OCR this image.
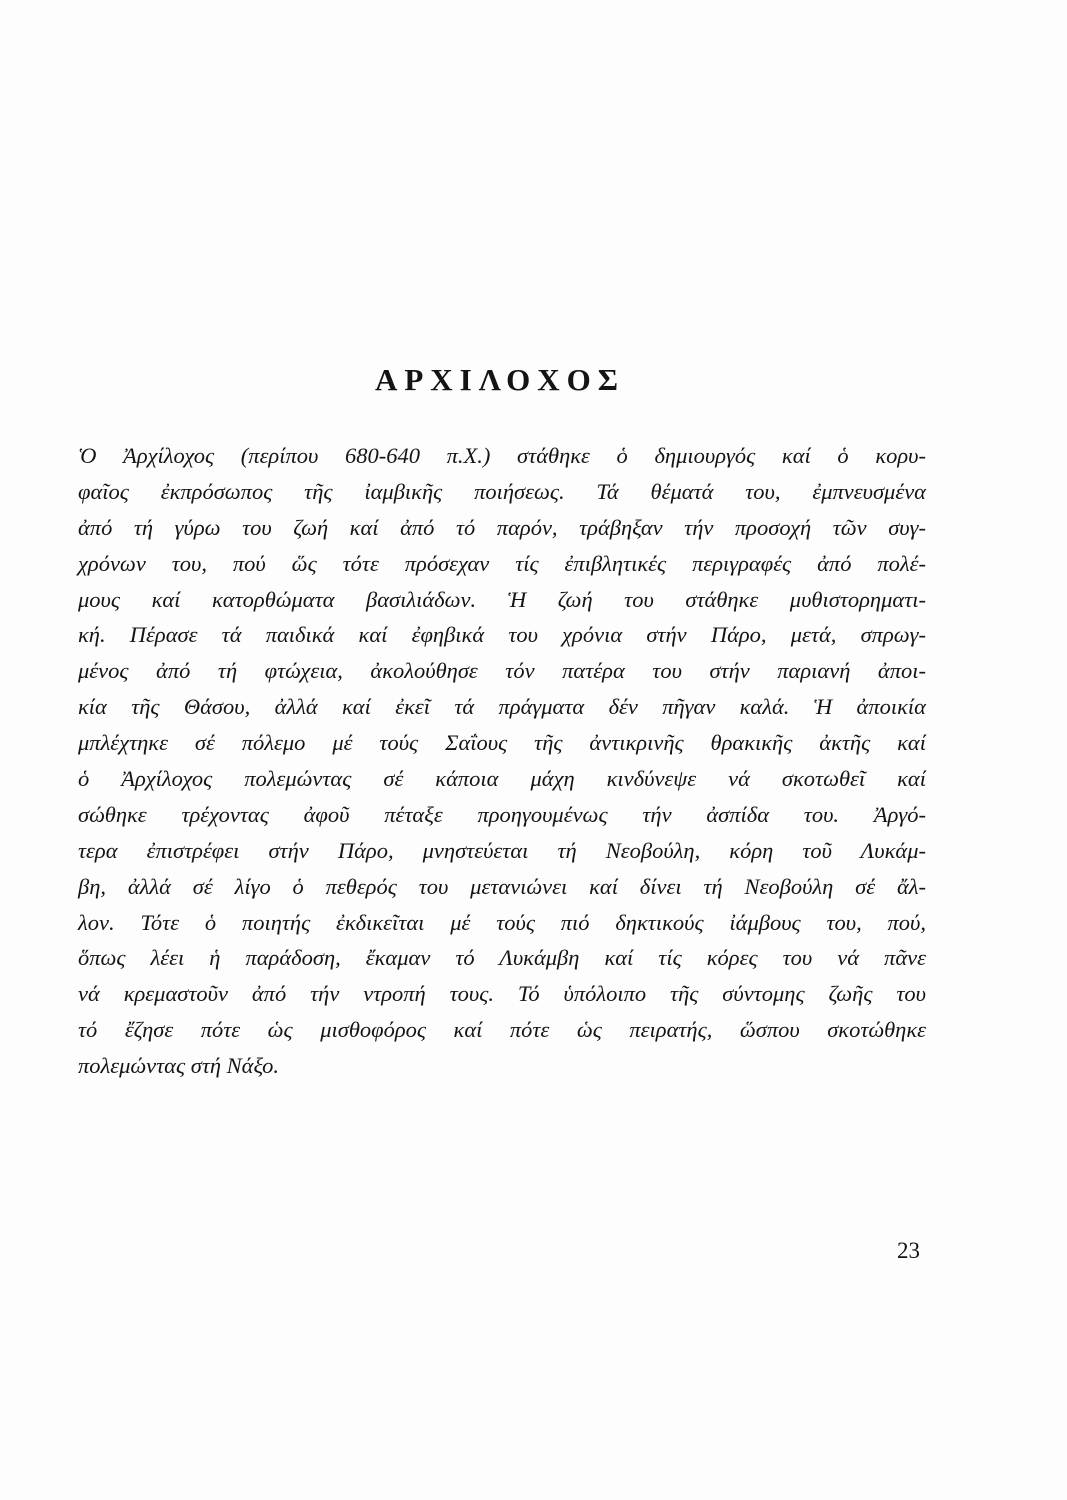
ΑΡΧΙΛΟΧΟΣ
Ὁ Ἀρχίλοχος (περίπου 680-640 π.Χ.) στάθηκε ὁ δημιουργός καί ὁ κορυ-
φαῖος ἐκπρόσωπος τῆς ἰαμβικῆς ποιήσεως. Τά θέματά του, ἐμπνευσμένα
ἀπό τή γύρω του ζωή καί ἀπό τό παρόν, τράβηξαν τήν προσοχή τῶν συγ-
χρόνων του, πού ὥς τότε πρόσεχαν τίς ἐπιβλητικές περιγραφές ἀπό πολέ-
μους καί κατορθώματα βασιλιάδων. Ἡ ζωή του στάθηκε μυθιστορηματι-
κή. Πέρασε τά παιδικά καί ἐφηβικά του χρόνια στήν Πάρο, μετά, σπρωγ-
μένος ἀπό τή φτώχεια, ἀκολούθησε τόν πατέρα του στήν παριανή ἀποι-
κία τῆς Θάσου, ἀλλά καί ἐκεῖ τά πράγματα δέν πῆγαν καλά. Ἡ ἀποικία
μπλέχτηκε σέ πόλεμο μέ τούς Σαΐους τῆς ἀντικρινῆς θρακικῆς ἀκτῆς καί
ὁ Ἀρχίλοχος πολεμώντας σέ κάποια μάχη κινδύνεψε νά σκοτωθεῖ καί
σώθηκε τρέχοντας ἀφοῦ πέταξε προηγουμένως τήν ἀσπίδα του. Ἀργό-
τερα ἐπιστρέφει στήν Πάρο, μνηστεύεται τή Νεοβούλη, κόρη τοῦ Λυκάμ-
βη, ἀλλά σέ λίγο ὁ πεθερός του μετανιώνει καί δίνει τή Νεοβούλη σέ ἄλ-
λον. Τότε ὁ ποιητής ἐκδικεῖται μέ τούς πιό δηκτικούς ἰάμβους του, πού,
ὅπως λέει ἡ παράδοση, ἔκαμαν τό Λυκάμβη καί τίς κόρες του νά πᾶνε
νά κρεμαστοῦν ἀπό τήν ντροπή τους. Τό ὑπόλοιπο τῆς σύντομης ζωῆς του
τό ἔζησε πότε ὡς μισθοφόρος καί πότε ὡς πειρατής, ὥσπου σκοτώθηκε
πολεμώντας στή Νάξο.

23
